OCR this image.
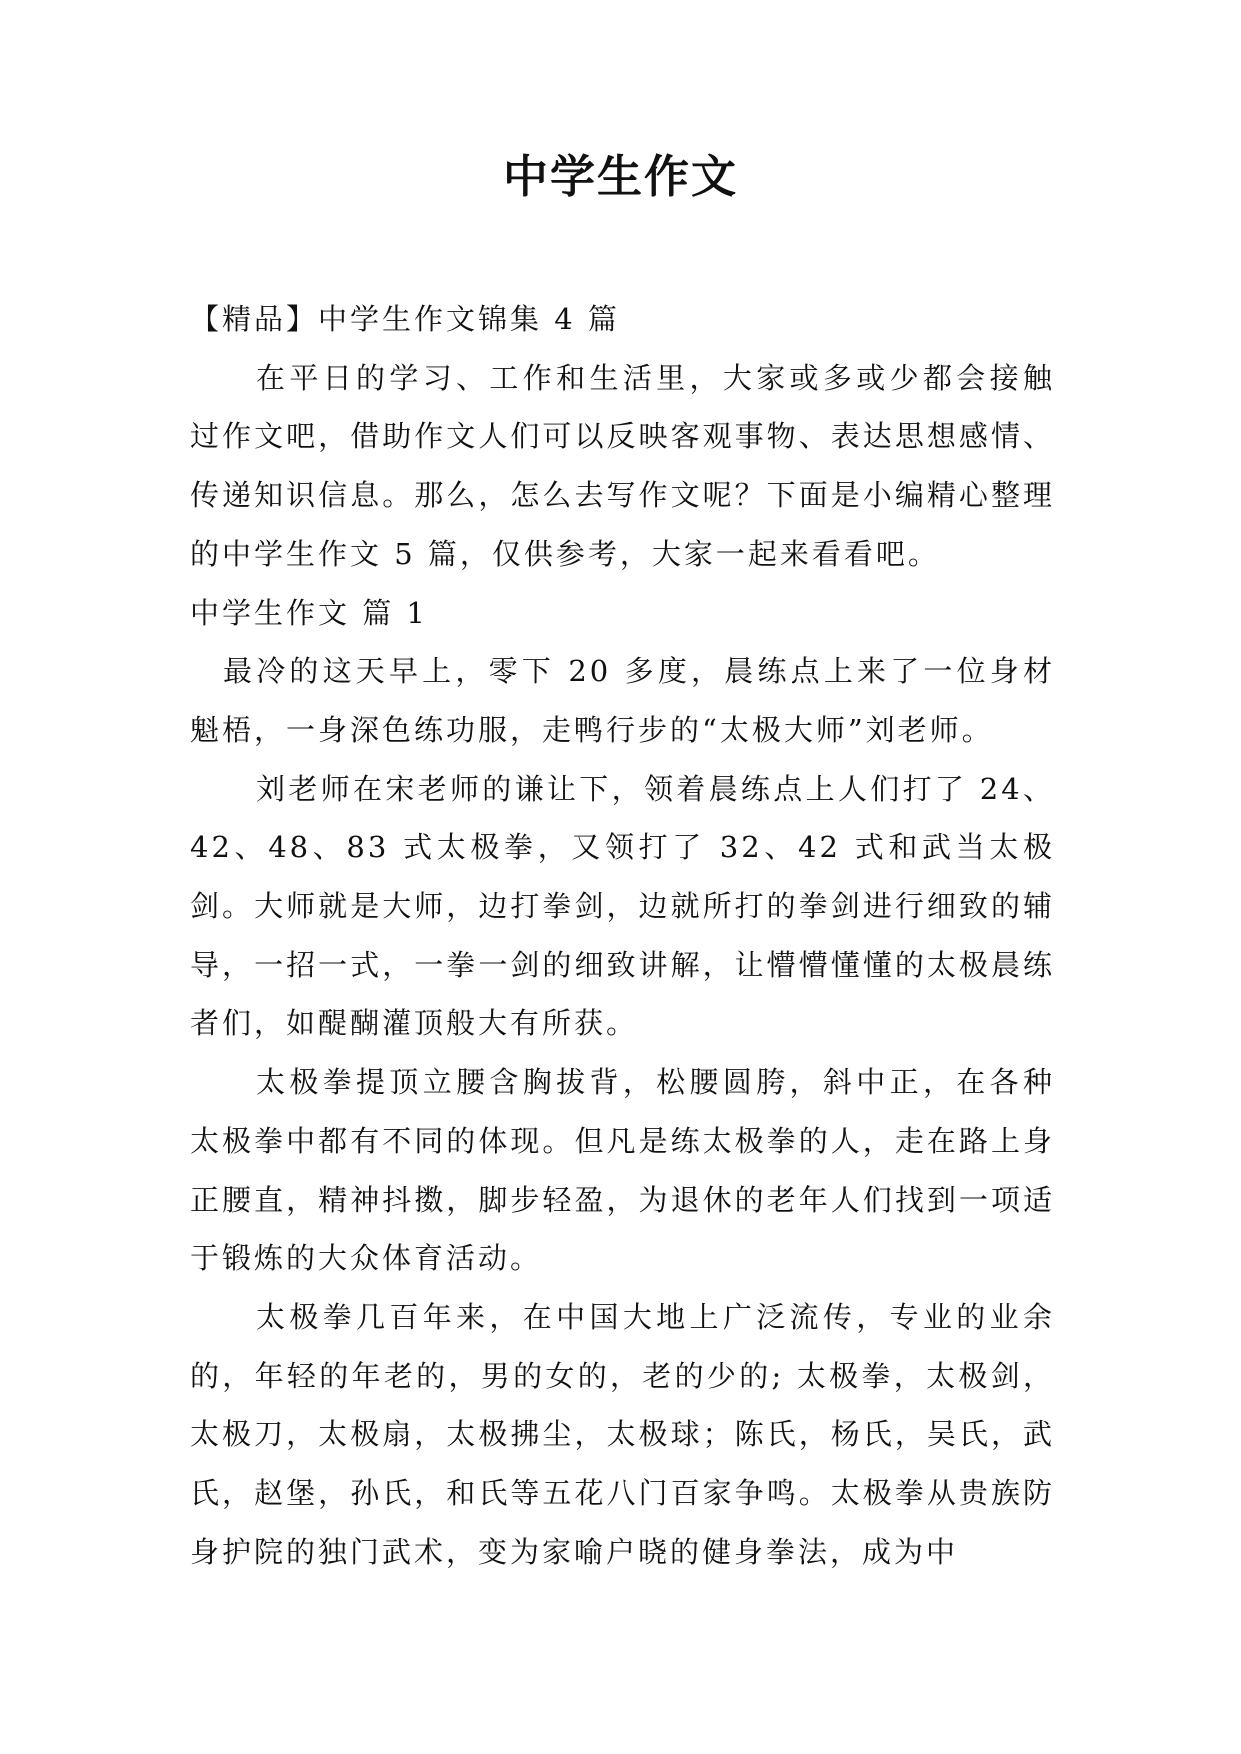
中学生作文

【精品】中学生作文锦集 4 篇

在平日的学习、工作和生活里，大家或多或少都会接触过作文吧，借助作文人们可以反映客观事物、表达思想感情、传递知识信息。那么，怎么去写作文呢？下面是小编精心整理的中学生作文 5 篇，仅供参考，大家一起来看看吧。

中学生作文 篇 1

最冷的这天早上，零下 20 多度，晨练点上来了一位身材魁梧，一身深色练功服，走鸭行步的“太极大师”刘老师。

刘老师在宋老师的谦让下，领着晨练点上人们打了 24、42、48、83 式太极拳，又领打了 32、42 式和武当太极剑。大师就是大师，边打拳剑，边就所打的拳剑进行细致的辅导，一招一式，一拳一剑的细致讲解，让懵懵懂懂的太极晨练者们，如醍醐灌顶般大有所获。

太极拳提顶立腰含胸拔背，松腰圆胯，斜中正，在各种太极拳中都有不同的体现。但凡是练太极拳的人，走在路上身正腰直，精神抖擞，脚步轻盈，为退休的老年人们找到一项适于锻炼的大众体育活动。

太极拳几百年来，在中国大地上广泛流传，专业的业余的，年轻的年老的，男的女的，老的少的; 太极拳，太极剑，太极刀，太极扇，太极拂尘，太极球；陈氏，杨氏，吴氏，武氏，赵堡，孙氏，和氏等五花八门百家争鸣。太极拳从贵族防身护院的独门武术，变为家喻户晓的健身拳法，成为中
